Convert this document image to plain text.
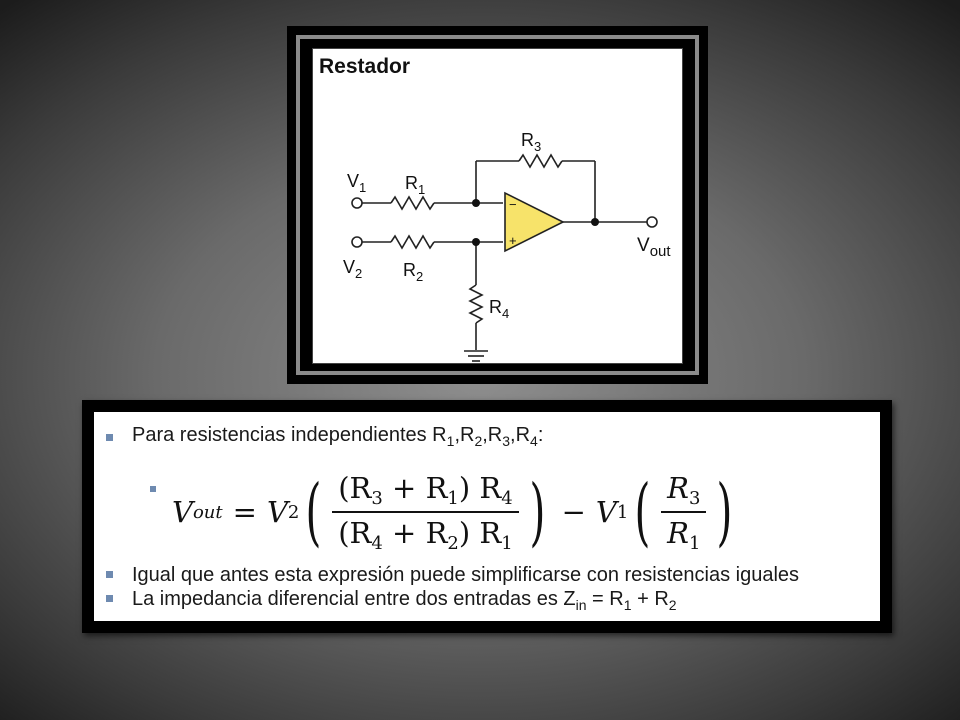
Restador
−
+
$V_1$ $R_1$
$V_2$ $R_2$
$R_3$
$R_4$
$V_{out}$
Para resistencias independientes $R_1,R_2,R_3,R_4$:
V out = V 2 ( $\frac{(R_3 + R_1) R_4}{(R_4 + R_2) R_1}$ ) − V 1 ( $\frac{R_3}{R_1}$ )
Igual que antes esta expresión puede simplificarse con resistencias iguales
La impedancia diferencial entre dos entradas es $Z_{in} = R_1 + R_2$
